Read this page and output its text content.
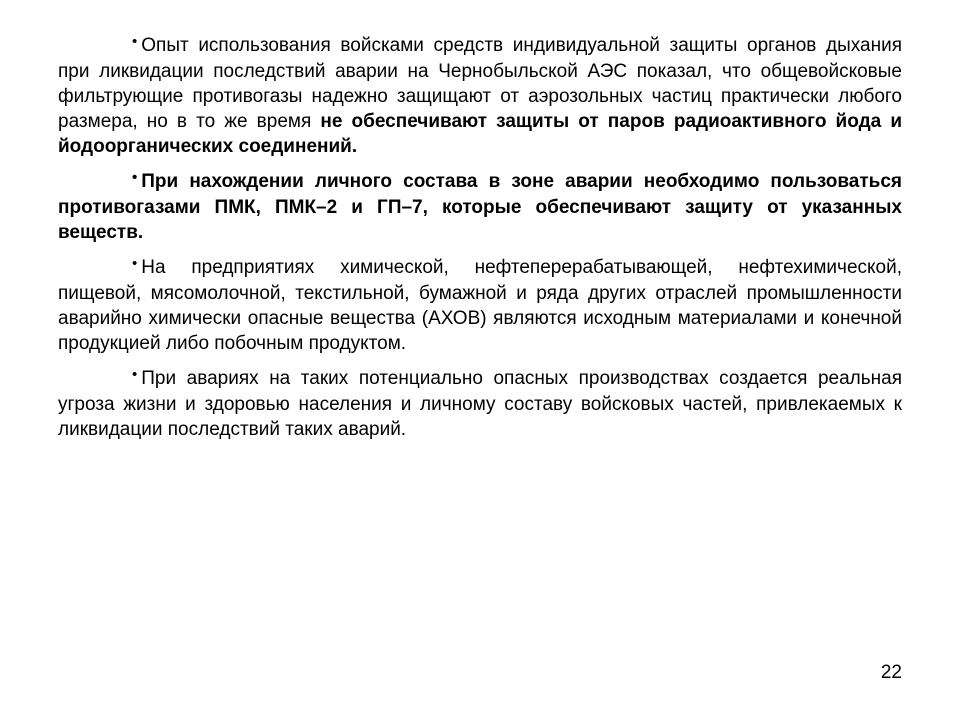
• Опыт использования войсками средств индивидуальной защиты органов дыхания при ликвидации последствий аварии на Чернобыльской АЭС показал, что общевойсковые фильтрующие противогазы надежно защищают от аэрозольных частиц практически любого размера, но в то же время не обеспечивают защиты от паров радиоактивного йода и йодоорганических соединений.

• При нахождении личного состава в зоне аварии необходимо пользоваться противогазами ПМК, ПМК–2 и ГП–7, которые обеспечивают защиту от указанных веществ.

• На предприятиях химической, нефтеперерабатывающей, нефтехимической, пищевой, мясомолочной, текстильной, бумажной и ряда других отраслей промышленности аварийно химически опасные вещества (АХОВ) являются исходным материалами и конечной продукцией либо побочным продуктом.

• При авариях на таких потенциально опасных производствах создается реальная угроза жизни и здоровью населения и личному составу войсковых частей, привлекаемых к ликвидации последствий таких аварий.

22
